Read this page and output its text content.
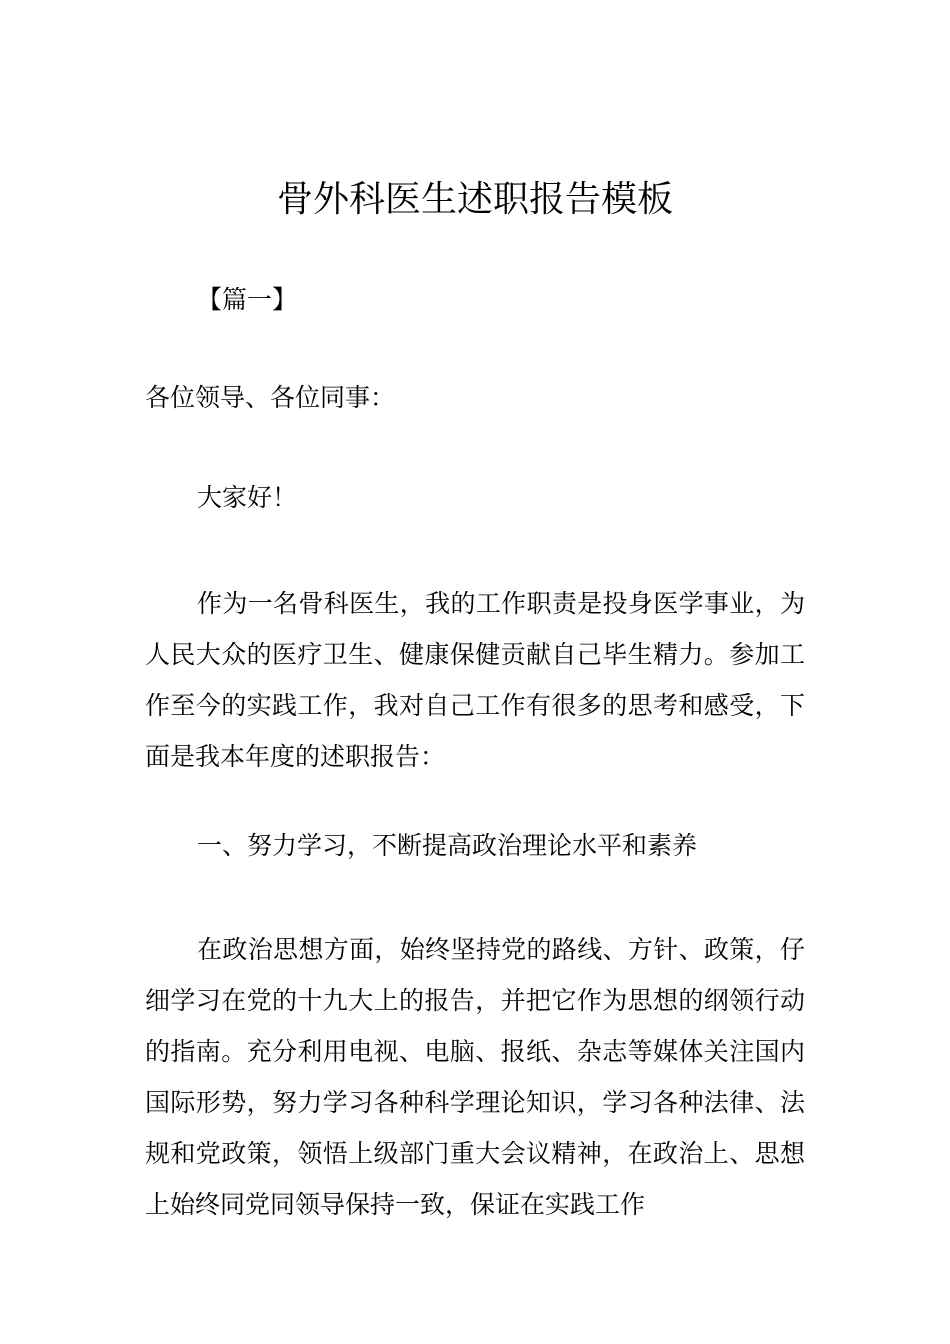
骨外科医生述职报告模板
【篇一】
各位领导、各位同事：
大家好！

作为一名骨科医生，我的工作职责是投身医学事业，为人民大众的医疗卫生、健康保健贡献自己毕生精力。参加工作至今的实践工作，我对自己工作有很多的思考和感受，下面是我本年度的述职报告：

一、努力学习，不断提高政治理论水平和素养

在政治思想方面，始终坚持党的路线、方针、政策，仔细学习在党的十九大上的报告，并把它作为思想的纲领行动的指南。充分利用电视、电脑、报纸、杂志等媒体关注国内国际形势，努力学习各种科学理论知识，学习各种法律、法规和党政策，领悟上级部门重大会议精神，在政治上、思想上始终同党同领导保持一致，保证在实践工作
